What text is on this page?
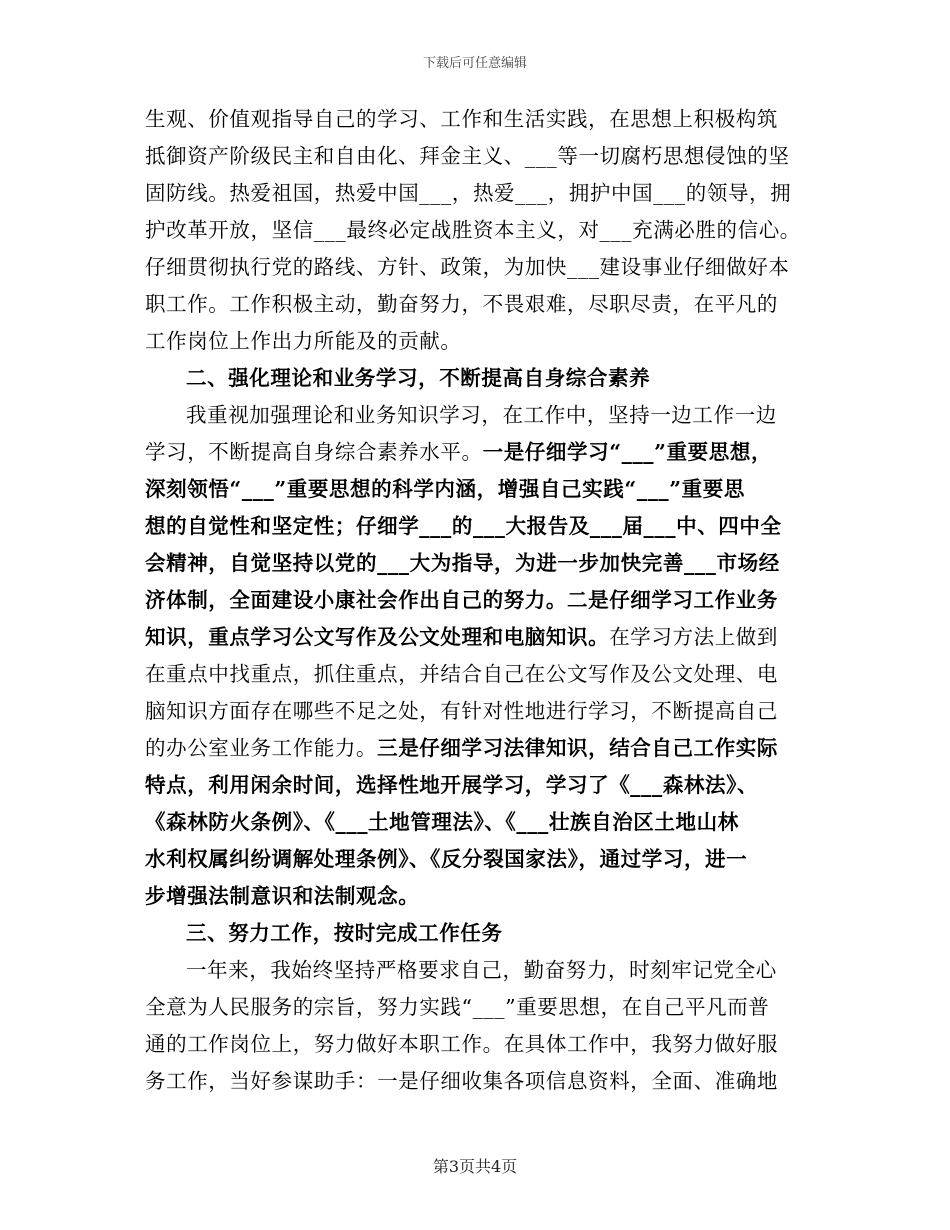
下载后可任意编辑
生观、价值观指导自己的学习、工作和生活实践，在思想上积极构筑
抵御资产阶级民主和自由化、拜金主义、___等一切腐朽思想侵蚀的坚
固防线。热爱祖国，热爱中国___，热爱___，拥护中国___的领导，拥
护改革开放，坚信___最终必定战胜资本主义，对___充满必胜的信心。
仔细贯彻执行党的路线、方针、政策，为加快___建设事业仔细做好本
职工作。工作积极主动，勤奋努力，不畏艰难，尽职尽责，在平凡的
工作岗位上作出力所能及的贡献。
二、强化理论和业务学习，不断提高自身综合素养
我重视加强理论和业务知识学习，在工作中，坚持一边工作一边
学习，不断提高自身综合素养水平。一是仔细学习“___”重要思想，
深刻领悟“___”重要思想的科学内涵，增强自己实践“___”重要思
想的自觉性和坚定性；仔细学___的___大报告及___届___中、四中全
会精神，自觉坚持以党的___大为指导，为进一步加快完善___市场经
济体制，全面建设小康社会作出自己的努力。二是仔细学习工作业务
知识，重点学习公文写作及公文处理和电脑知识。在学习方法上做到
在重点中找重点，抓住重点，并结合自己在公文写作及公文处理、电
脑知识方面存在哪些不足之处，有针对性地进行学习，不断提高自己
的办公室业务工作能力。三是仔细学习法律知识，结合自己工作实际
特点，利用闲余时间，选择性地开展学习，学习了《___森林法》、
《森林防火条例》、《___土地管理法》、《___壮族自治区土地山林
水利权属纠纷调解处理条例》、《反分裂国家法》，通过学习，进一
步增强法制意识和法制观念。
三、努力工作，按时完成工作任务
一年来，我始终坚持严格要求自己，勤奋努力，时刻牢记党全心
全意为人民服务的宗旨，努力实践“___”重要思想，在自己平凡而普
通的工作岗位上，努力做好本职工作。在具体工作中，我努力做好服
务工作，当好参谋助手：一是仔细收集各项信息资料，全面、准确地
第3页共4页
